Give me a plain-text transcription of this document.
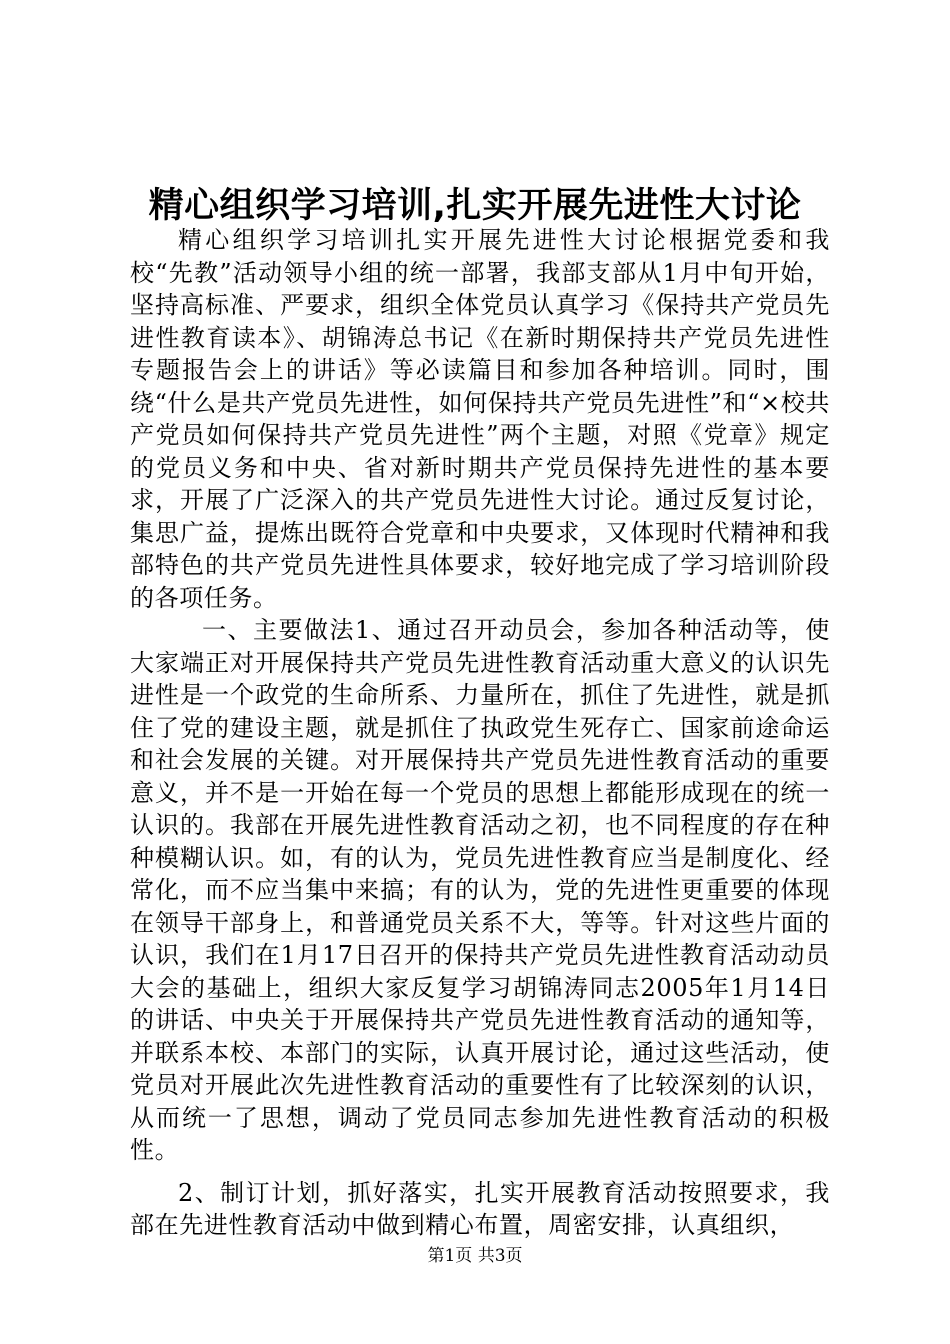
精心组织学习培训,扎实开展先进性大讨论

精心组织学习培训扎实开展先进性大讨论根据党委和我校“先教”活动领导小组的统一部署，我部支部从1月中旬开始，坚持高标准、严要求，组织全体党员认真学习《保持共产党员先进性教育读本》、胡锦涛总书记《在新时期保持共产党员先进性专题报告会上的讲话》等必读篇目和参加各种培训。同时，围绕“什么是共产党员先进性，如何保持共产党员先进性”和“×校共产党员如何保持共产党员先进性”两个主题，对照《党章》规定的党员义务和中央、省对新时期共产党员保持先进性的基本要求，开展了广泛深入的共产党员先进性大讨论。通过反复讨论，集思广益，提炼出既符合党章和中央要求，又体现时代精神和我部特色的共产党员先进性具体要求，较好地完成了学习培训阶段的各项任务。

一、主要做法1、通过召开动员会，参加各种活动等，使大家端正对开展保持共产党员先进性教育活动重大意义的认识先进性是一个政党的生命所系、力量所在，抓住了先进性，就是抓住了党的建设主题，就是抓住了执政党生死存亡、国家前途命运和社会发展的关键。对开展保持共产党员先进性教育活动的重要意义，并不是一开始在每一个党员的思想上都能形成现在的统一认识的。我部在开展先进性教育活动之初，也不同程度的存在种种模糊认识。如，有的认为，党员先进性教育应当是制度化、经常化，而不应当集中来搞；有的认为，党的先进性更重要的体现在领导干部身上，和普通党员关系不大，等等。针对这些片面的认识，我们在1月17日召开的保持共产党员先进性教育活动动员大会的基础上，组织大家反复学习胡锦涛同志2005年1月14日的讲话、中央关于开展保持共产党员先进性教育活动的通知等，并联系本校、本部门的实际，认真开展讨论，通过这些活动，使党员对开展此次先进性教育活动的重要性有了比较深刻的认识，从而统一了思想，调动了党员同志参加先进性教育活动的积极性。

2、制订计划，抓好落实，扎实开展教育活动按照要求，我部在先进性教育活动中做到精心布置，周密安排，认真组织，

第1页 共3页
